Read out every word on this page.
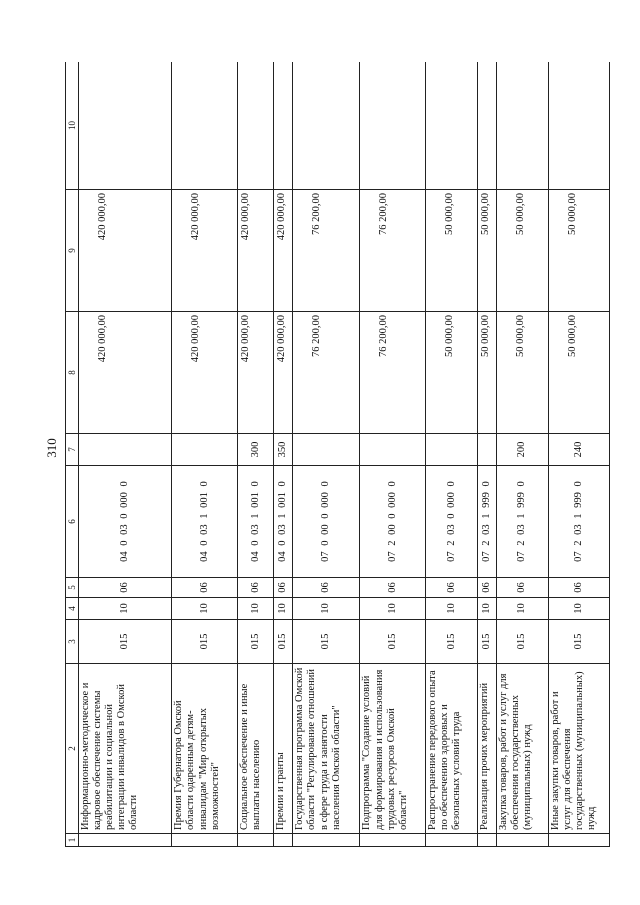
310
1	2	3	4	5	6	7	8	9	10
	Информационно-методическое и кадровое обеспечение системы реабилитации и социальной интеграции инвалидов в Омской области	015	10	06	04 0 03 0 000 0		420 000,00	420 000,00	
	Премия Губернатора Омской области одаренным детям-инвалидам "Мир открытых возможностей"	015	10	06	04 0 03 1 001 0		420 000,00	420 000,00	
	Социальное обеспечение и иные выплаты населению	015	10	06	04 0 03 1 001 0	300	420 000,00	420 000,00	
	Премии и гранты	015	10	06	04 0 03 1 001 0	350	420 000,00	420 000,00	
	Государственная программа Омской области "Регулирование отношений в сфере труда и занятости населения Омской области"	015	10	06	07 0 00 0 000 0		76 200,00	76 200,00	
	Подпрограмма "Создание условий для формирования и использования трудовых ресурсов Омской области"	015	10	06	07 2 00 0 000 0		76 200,00	76 200,00	
	Распространение передового опыта по обеспечению здоровых и безопасных условий труда	015	10	06	07 2 03 0 000 0		50 000,00	50 000,00	
	Реализация прочих мероприятий	015	10	06	07 2 03 1 999 0		50 000,00	50 000,00	
	Закупка товаров, работ и услуг для обеспечения государственных (муниципальных) нужд	015	10	06	07 2 03 1 999 0	200	50 000,00	50 000,00	
	Иные закупки товаров, работ и услуг для обеспечения государственных (муниципальных) нужд	015	10	06	07 2 03 1 999 0	240	50 000,00	50 000,00	
